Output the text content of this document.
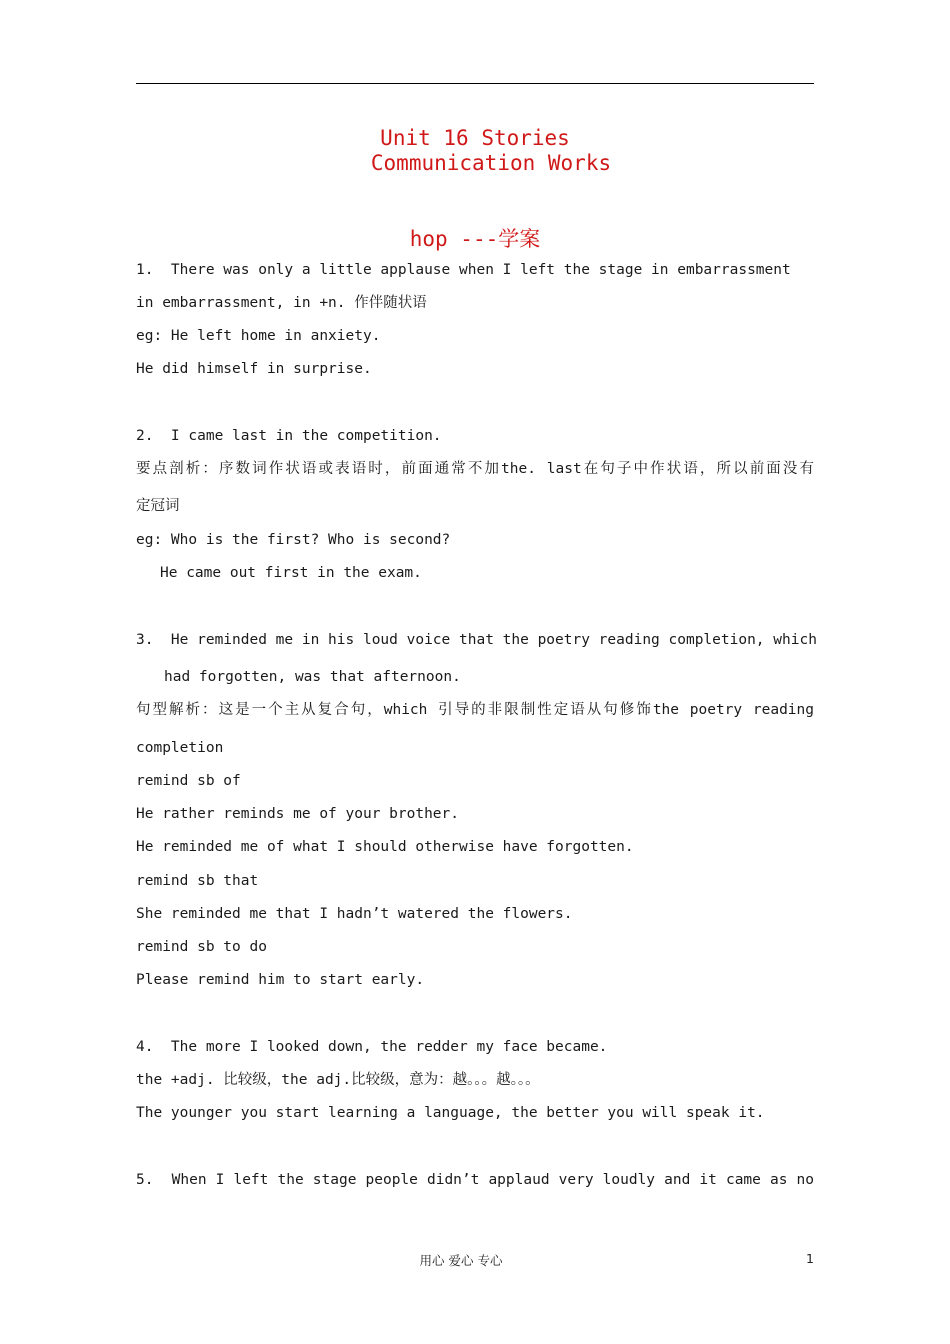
Unit 16 Stories
Communication Works
hop ---学案
1.  There was only a little applause when I left the stage in embarrassment
in embarrassment, in +n. 作伴随状语
eg: He left home in anxiety.
He did himself in surprise.
2.  I came last in the competition.
要点剖析：序数词作状语或表语时，前面通常不加the. last在句子中作状语，所以前面没有
定冠词
eg: Who is the first? Who is second?
He came out first in the exam.
3.  He reminded me in his loud voice that the poetry reading completion, which
had forgotten, was that afternoon.
句型解析：这是一个主从复合句，which 引导的非限制性定语从句修饰the poetry reading
completion
remind sb of
He rather reminds me of your brother.
He reminded me of what I should otherwise have forgotten.
remind sb that
She reminded me that I hadn’t watered the flowers.
remind sb to do
Please remind him to start early.
4.  The more I looked down, the redder my face became.
the +adj. 比较级，the adj.比较级，意为：越。。。越。。。
The younger you start learning a language, the better you will speak it.
5.  When I left the stage people didn’t applaud very loudly and it came as no
用心 爱心 专心	1
